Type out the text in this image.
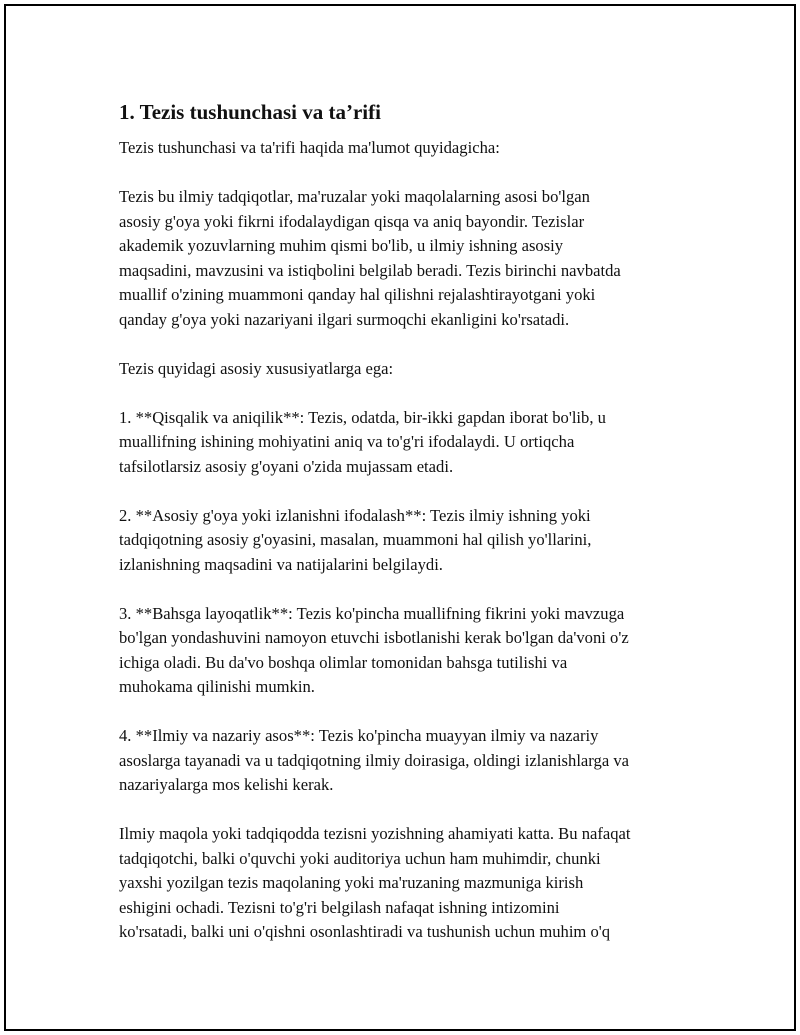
1. Tezis tushunchasi va ta’rifi

Tezis tushunchasi va ta'rifi haqida ma'lumot quyidagicha:

Tezis bu ilmiy tadqiqotlar, ma'ruzalar yoki maqolalarning asosi bo'lgan
asosiy g'oya yoki fikrni ifodalaydigan qisqa va aniq bayondir. Tezislar
akademik yozuvlarning muhim qismi bo'lib, u ilmiy ishning asosiy
maqsadini, mavzusini va istiqbolini belgilab beradi. Tezis birinchi navbatda
muallif o'zining muammoni qanday hal qilishni rejalashtirayotgani yoki
qanday g'oya yoki nazariyani ilgari surmoqchi ekanligini ko'rsatadi.

Tezis quyidagi asosiy xususiyatlarga ega:

1. **Qisqalik va aniqilik**: Tezis, odatda, bir-ikki gapdan iborat bo'lib, u
muallifning ishining mohiyatini aniq va to'g'ri ifodalaydi. U ortiqcha
tafsilotlarsiz asosiy g'oyani o'zida mujassam etadi.

2. **Asosiy g'oya yoki izlanishni ifodalash**: Tezis ilmiy ishning yoki
tadqiqotning asosiy g'oyasini, masalan, muammoni hal qilish yo'llarini,
izlanishning maqsadini va natijalarini belgilaydi.

3. **Bahsga layoqatlik**: Tezis ko'pincha muallifning fikrini yoki mavzuga
bo'lgan yondashuvini namoyon etuvchi isbotlanishi kerak bo'lgan da'voni o'z
ichiga oladi. Bu da'vo boshqa olimlar tomonidan bahsga tutilishi va
muhokama qilinishi mumkin.

4. **Ilmiy va nazariy asos**: Tezis ko'pincha muayyan ilmiy va nazariy
asoslarga tayanadi va u tadqiqotning ilmiy doirasiga, oldingi izlanishlarga va
nazariyalarga mos kelishi kerak.

Ilmiy maqola yoki tadqiqodda tezisni yozishning ahamiyati katta. Bu nafaqat
tadqiqotchi, balki o'quvchi yoki auditoriya uchun ham muhimdir, chunki
yaxshi yozilgan tezis maqolaning yoki ma'ruzaning mazmuniga kirish
eshigini ochadi. Tezisni to'g'ri belgilash nafaqat ishning intizomini
ko'rsatadi, balki uni o'qishni osonlashtiradi va tushunish uchun muhim o'q
